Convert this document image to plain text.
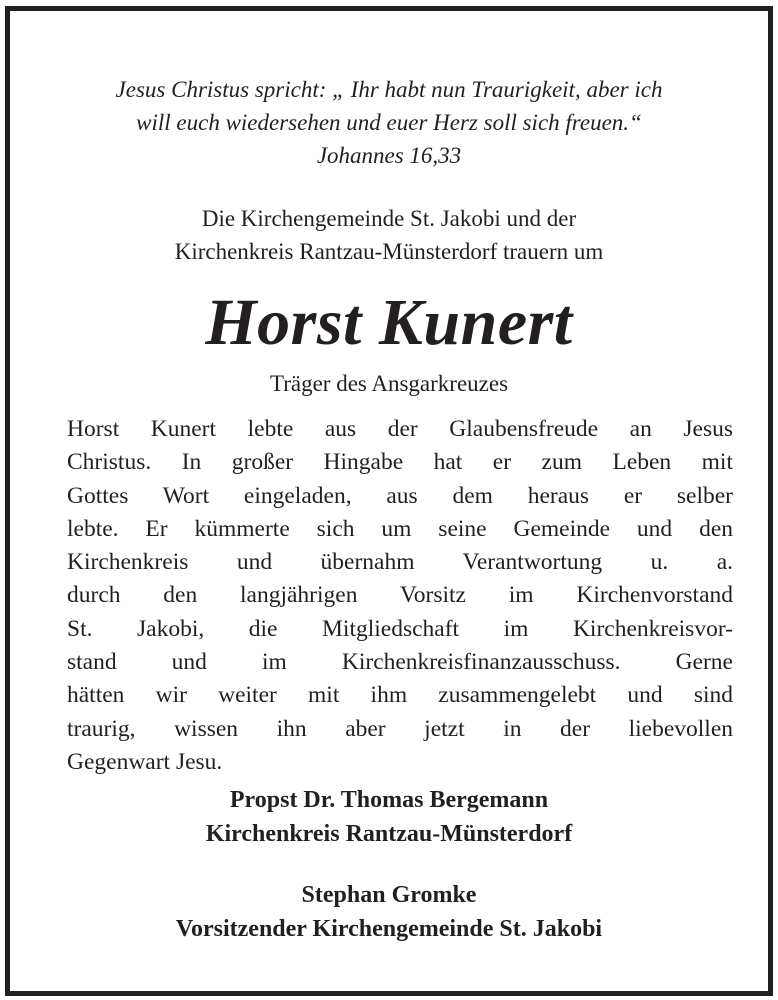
Jesus Christus spricht: „ Ihr habt nun Traurigkeit, aber ich
will euch wiedersehen und euer Herz soll sich freuen.“
Johannes 16,33
Die Kirchengemeinde St. Jakobi und der
Kirchenkreis Rantzau-Münsterdorf trauern um
Horst Kunert
Träger des Ansgarkreuzes
Horst Kunert lebte aus der Glaubensfreude an Jesus
Christus. In großer Hingabe hat er zum Leben mit
Gottes Wort eingeladen, aus dem heraus er selber
lebte. Er kümmerte sich um seine Gemeinde und den
Kirchenkreis und übernahm Verantwortung u. a.
durch den langjährigen Vorsitz im Kirchenvorstand
St. Jakobi, die Mitgliedschaft im Kirchenkreisvor-
stand und im Kirchenkreisfinanzausschuss. Gerne
hätten wir weiter mit ihm zusammengelebt und sind
traurig, wissen ihn aber jetzt in der liebevollen
Gegenwart Jesu.
Propst Dr. Thomas Bergemann
Kirchenkreis Rantzau-Münsterdorf
Stephan Gromke
Vorsitzender Kirchengemeinde St. Jakobi
